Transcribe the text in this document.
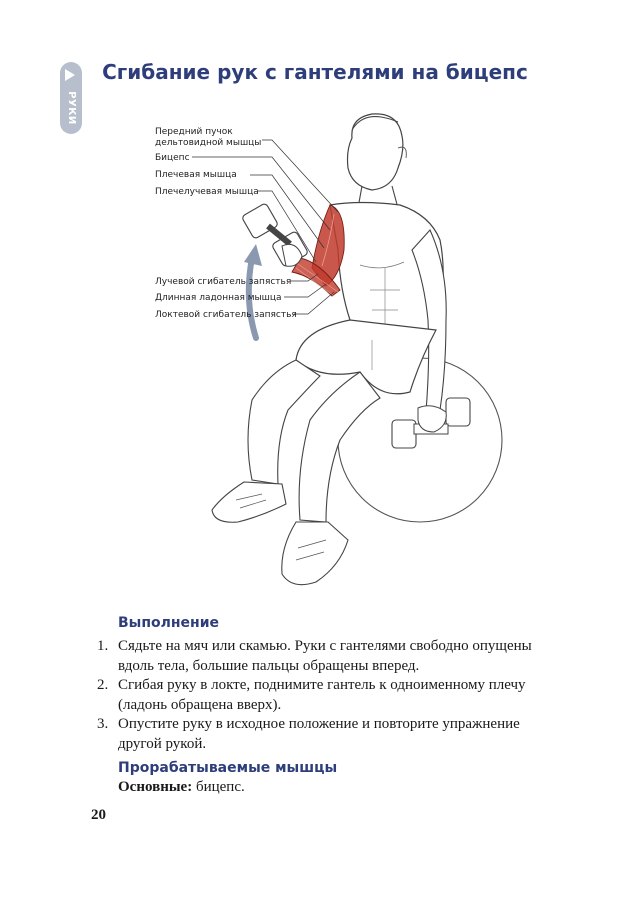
РУКИ
Сгибание рук с гантелями на бицепс
Передний пучок
дельтовидной мышцы
Бицепс
Плечевая мышца
Плечелучевая мышца
Лучевой сгибатель запястья
Длинная ладонная мышца
Локтевой сгибатель запястья
Выполнение
1. Сядьте на мяч или скамью. Руки с гантелями свободно опущены вдоль тела, большие пальцы обращены вперед.
2. Сгибая руку в локте, поднимите гантель к одноименному плечу (ладонь обращена вверх).
3. Опустите руку в исходное положение и повторите упражнение другой рукой.
Прорабатываемые мышцы
Основные: бицепс.
20
